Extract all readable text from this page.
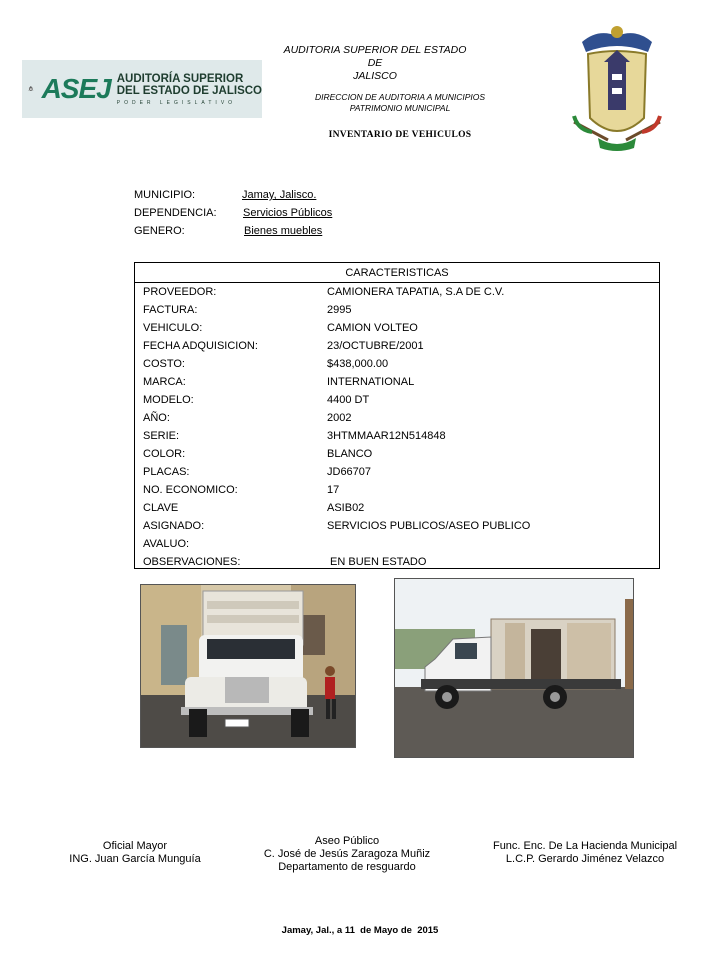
ASEJ AUDITORÍA SUPERIOR
DEL ESTADO DE JALISCO
PODER LEGISLATIVO
AUDITORIA SUPERIOR DEL ESTADO DE
JALISCO
DIRECCION DE AUDITORIA A MUNICIPIOS
PATRIMONIO MUNICIPAL
INVENTARIO DE VEHICULOS
MUNICIPIO:	Jamay, Jalisco.
DEPENDENCIA: Servicios Públicos
GENERO:	Bienes muebles
CARACTERISTICAS
PROVEEDOR:	CAMIONERA TAPATIA, S.A DE C.V.
FACTURA:	2995
VEHICULO:	CAMION VOLTEO
FECHA ADQUISICION:	23/OCTUBRE/2001
COSTO:	$438,000.00
MARCA:	INTERNATIONAL
MODELO:	4400 DT
AÑO:	2002
SERIE:	3HTMMAAR12N514848
COLOR:	BLANCO
PLACAS:	JD66707
NO. ECONOMICO:	17
CLAVE	ASIB02
ASIGNADO:	SERVICIOS PUBLICOS/ASEO PUBLICO
AVALUO:
OBSERVACIONES:	EN BUEN ESTADO
Oficial Mayor
ING. Juan García Munguía
Aseo Público
C. José de Jesús Zaragoza Muñiz
Departamento de resguardo
Func. Enc. De La Hacienda Municipal
L.C.P. Gerardo Jiménez Velazco
Jamay, Jal., a 11  de Mayo de  2015
